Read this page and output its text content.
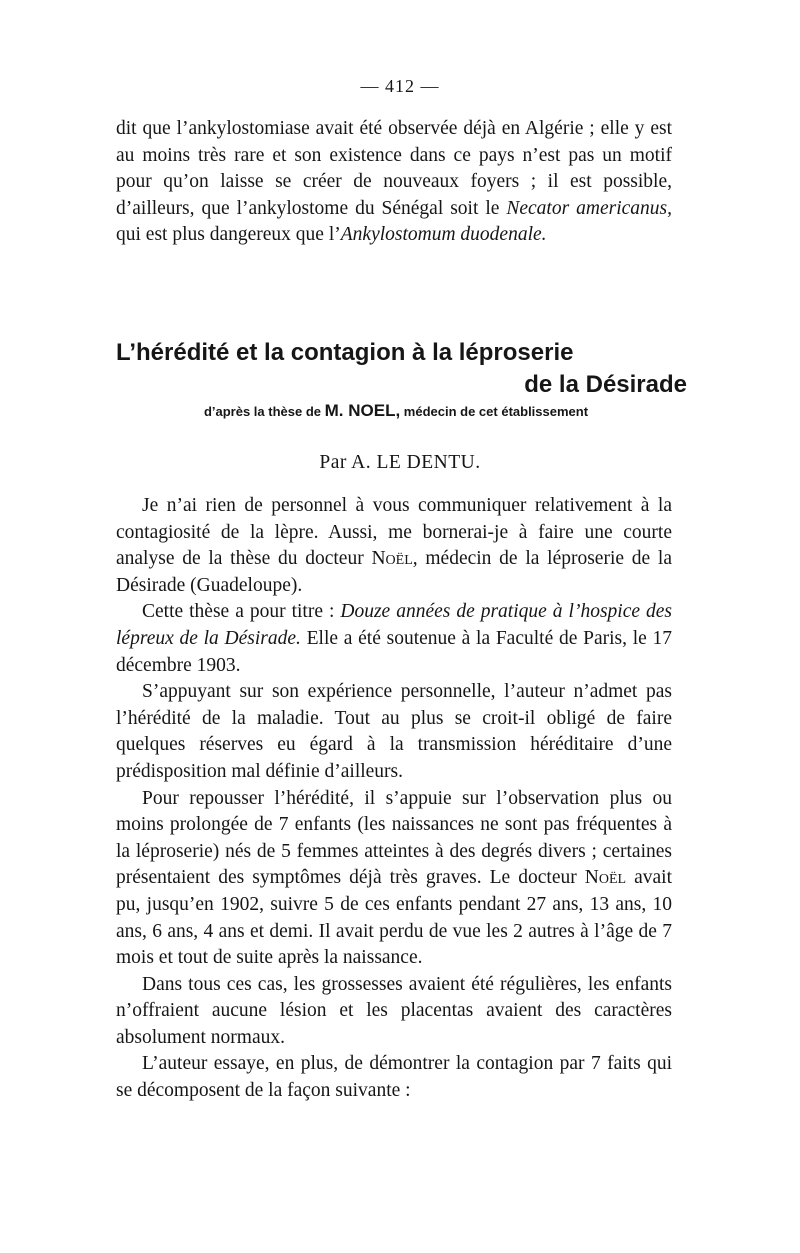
— 412 —

dit que l’ankylostomiase avait été observée déjà en Algérie ; elle y est au moins très rare et son existence dans ce pays n’est pas un motif pour qu’on laisse se créer de nouveaux foyers ; il est possible, d’ailleurs, que l’ankylostome du Sénégal soit le Necator americanus, qui est plus dangereux que l’Ankylostomum duodenale.

L’hérédité et la contagion à la léproserie
de la Désirade
d’après la thèse de M. NOEL, médecin de cet établissement
Par A. LE DENTU.

Je n’ai rien de personnel à vous communiquer relativement à la contagiosité de la lèpre. Aussi, me bornerai-je à faire une courte analyse de la thèse du docteur Noël, médecin de la léproserie de la Désirade (Guadeloupe).

Cette thèse a pour titre : Douze années de pratique à l’hospice des lépreux de la Désirade. Elle a été soutenue à la Faculté de Paris, le 17 décembre 1903.

S’appuyant sur son expérience personnelle, l’auteur n’admet pas l’hérédité de la maladie. Tout au plus se croit-il obligé de faire quelques réserves eu égard à la transmission héréditaire d’une prédisposition mal définie d’ailleurs.

Pour repousser l’hérédité, il s’appuie sur l’observation plus ou moins prolongée de 7 enfants (les naissances ne sont pas fréquentes à la léproserie) nés de 5 femmes atteintes à des degrés divers ; certaines présentaient des symptômes déjà très graves. Le docteur Noël avait pu, jusqu’en 1902, suivre 5 de ces enfants pendant 27 ans, 13 ans, 10 ans, 6 ans, 4 ans et demi. Il avait perdu de vue les 2 autres à l’âge de 7 mois et tout de suite après la naissance.

Dans tous ces cas, les grossesses avaient été régulières, les enfants n’offraient aucune lésion et les placentas avaient des caractères absolument normaux.

L’auteur essaye, en plus, de démontrer la contagion par 7 faits qui se décomposent de la façon suivante :
